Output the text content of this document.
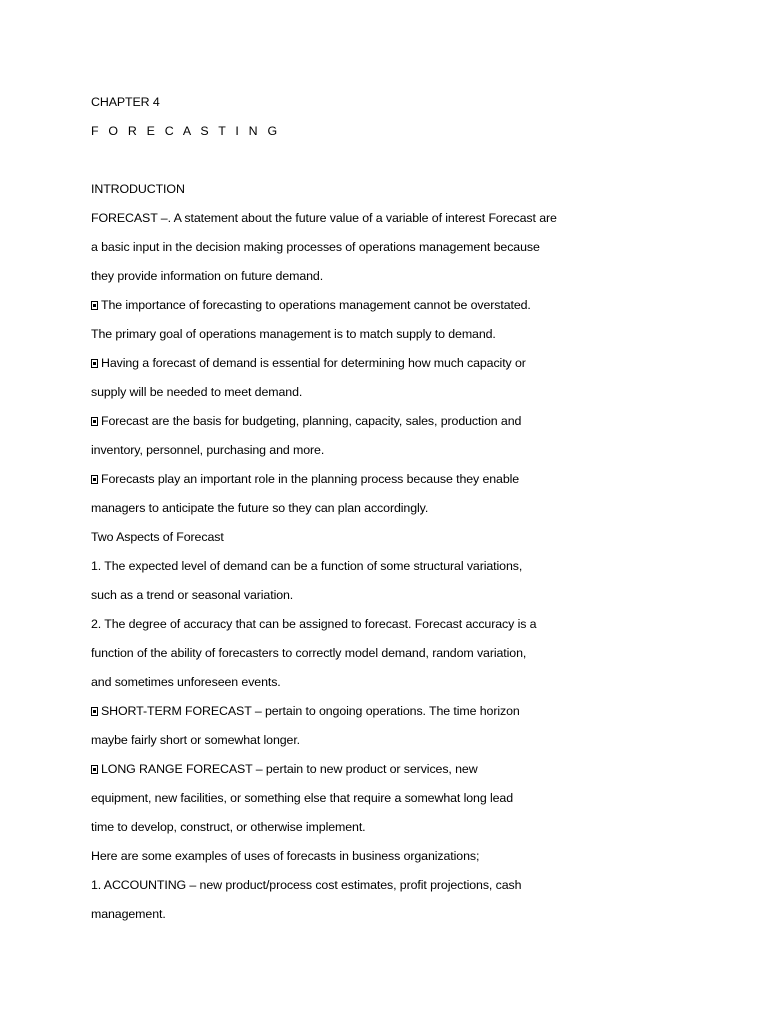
CHAPTER 4
F O R E C A S T I N G
INTRODUCTION
FORECAST –. A statement about the future value of a variable of interest Forecast are
a basic input in the decision making processes of operations management because
they provide information on future demand.
The importance of forecasting to operations management cannot be overstated.
The primary goal of operations management is to match supply to demand.
Having a forecast of demand is essential for determining how much capacity or
supply will be needed to meet demand.
Forecast are the basis for budgeting, planning, capacity, sales, production and
inventory, personnel, purchasing and more.
Forecasts play an important role in the planning process because they enable
managers to anticipate the future so they can plan accordingly.
Two Aspects of Forecast
1. The expected level of demand can be a function of some structural variations,
such as a trend or seasonal variation.
2. The degree of accuracy that can be assigned to forecast. Forecast accuracy is a
function of the ability of forecasters to correctly model demand, random variation,
and sometimes unforeseen events.
SHORT-TERM FORECAST – pertain to ongoing operations. The time horizon
maybe fairly short or somewhat longer.
LONG RANGE FORECAST – pertain to new product or services, new
equipment, new facilities, or something else that require a somewhat long lead
time to develop, construct, or otherwise implement.
Here are some examples of uses of forecasts in business organizations;
1. ACCOUNTING – new product/process cost estimates, profit projections, cash
management.
